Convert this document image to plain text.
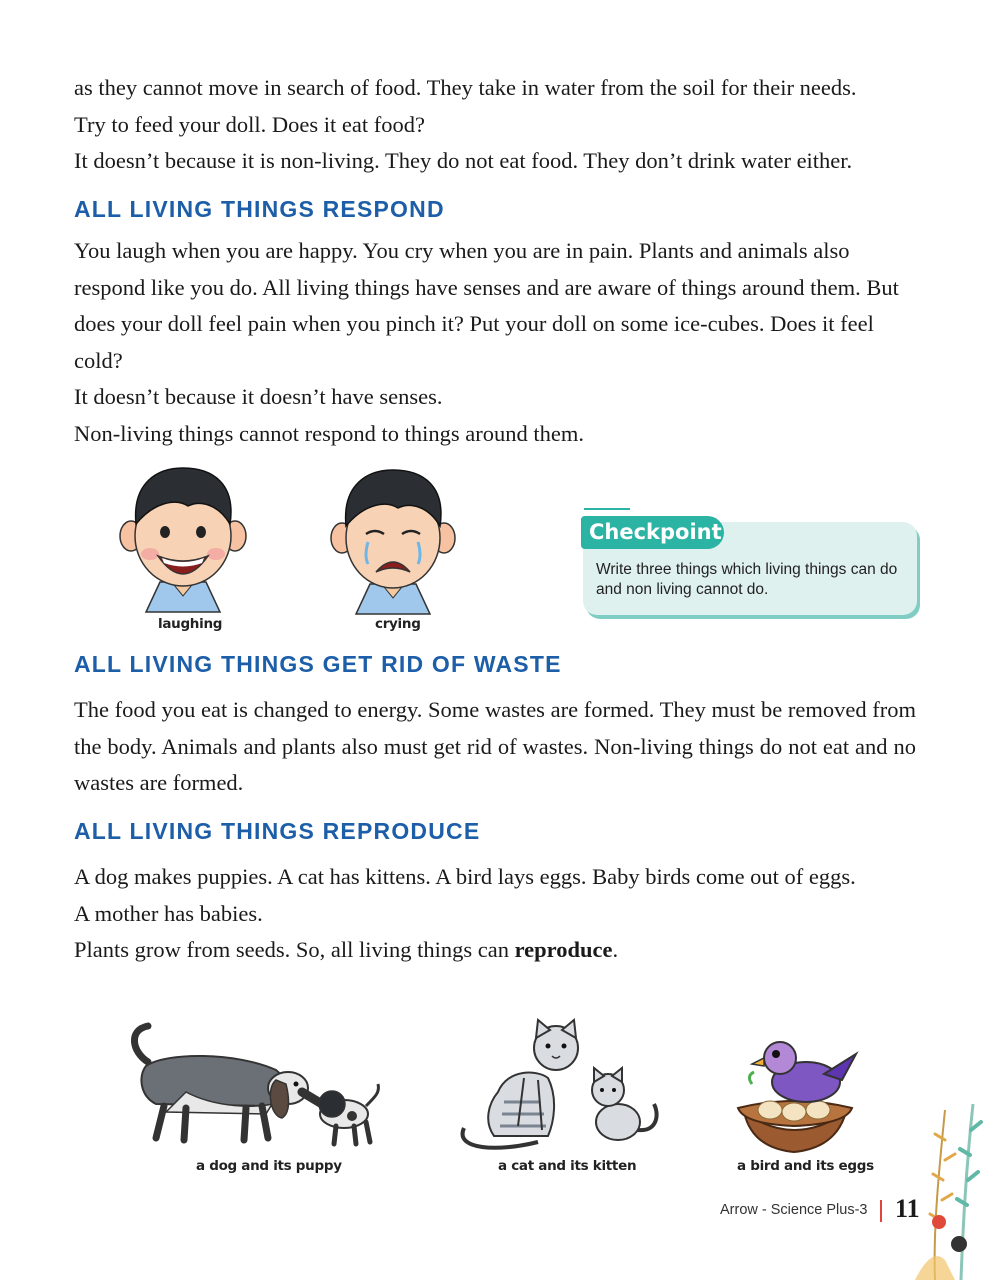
as they cannot move in search of food. They take in water from the soil for their needs.

Try to feed your doll. Does it eat food?

It doesn’t because it is non-living. They do not eat food. They don’t drink water either.

ALL LIVING THINGS RESPOND

You laugh when you are happy. You cry when you are in pain. Plants and animals also respond like you do. All living things have senses and are aware of things around them. But does your doll feel pain when you pinch it? Put your doll on some ice-cubes. Does it feel cold?

It doesn’t because it doesn’t have senses.

Non-living things cannot respond to things around them.

laughing	crying
Checkpoint
Write three things which living things can do and non living cannot do.
ALL LIVING THINGS GET RID OF WASTE

The food you eat is changed to energy. Some wastes are formed. They must be removed from the body. Animals and plants also must get rid of wastes. Non-living things do not eat and no wastes are formed.

ALL LIVING THINGS REPRODUCE

A dog makes puppies. A cat has kittens. A bird lays eggs. Baby birds come out of eggs. A mother has babies.

Plants grow from seeds. So, all living things can reproduce.

a dog and its puppy	a cat and its kitten	a bird and its eggs
Arrow - Science Plus-3 11
